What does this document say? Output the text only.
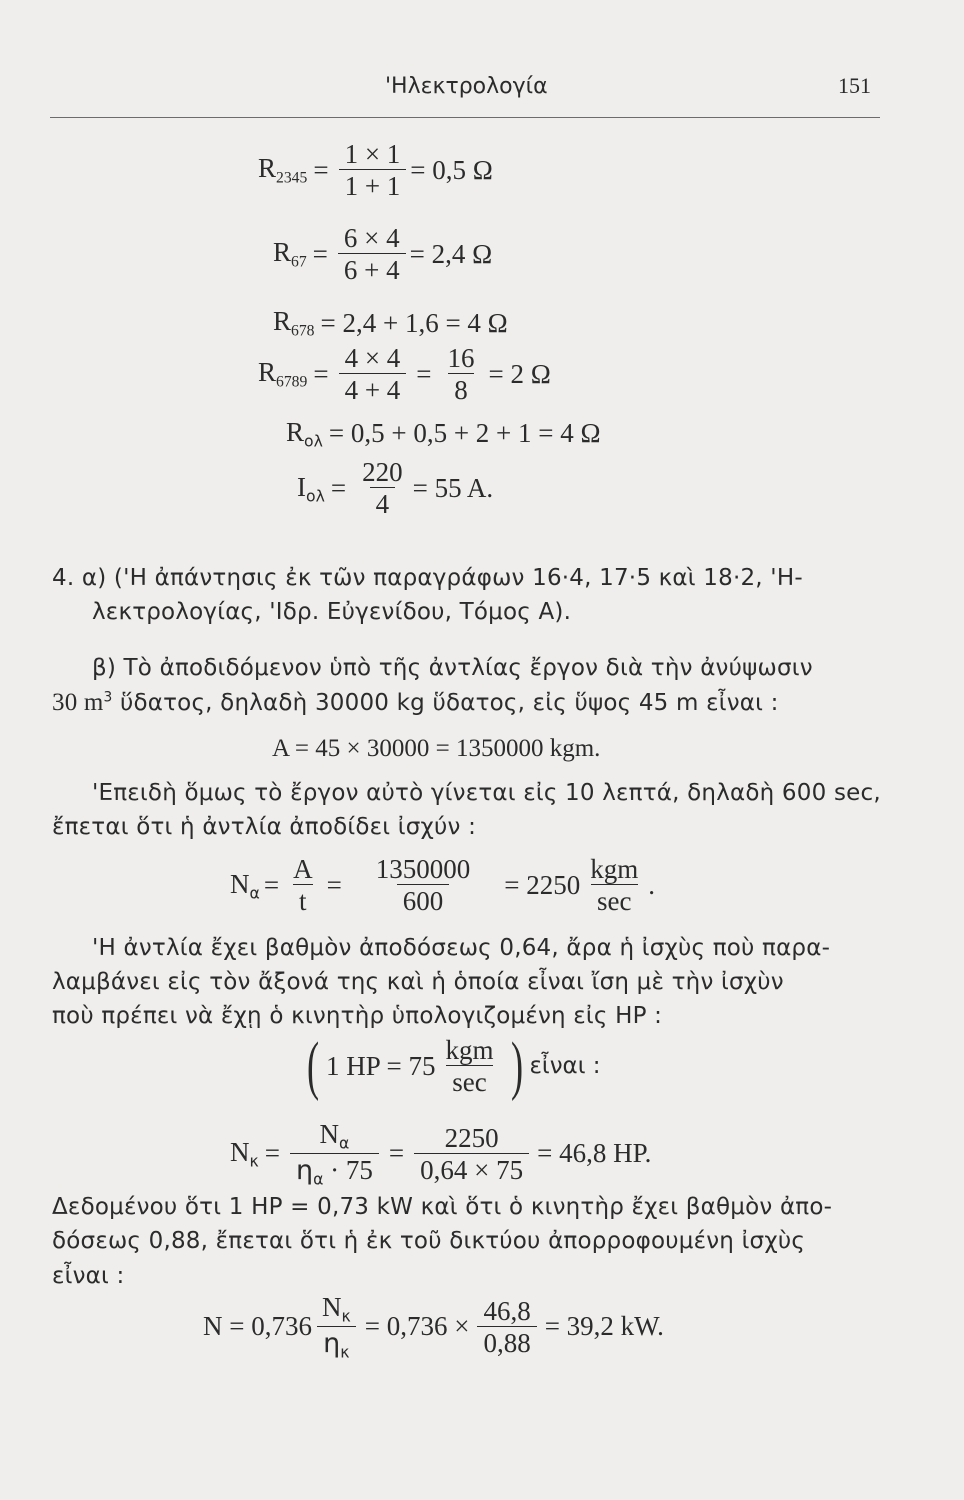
'Ηλεκτρολογία	151
$R_{2345} = \frac{1 \times 1}{1 + 1} = 0,5$ Ω
$R_{67} = \frac{6 \times 4}{6 + 4} = 2,4$ Ω
$R_{678} = 2,4 + 1,6 = 4$ Ω
$R_{6789} = \frac{4 \times 4}{4 + 4} = \frac{16}{8} = 2$ Ω
$R_{o\lambda} = 0,5 + 0,5 + 2 + 1 = 4$ Ω
$I_{o\lambda} = \frac{220}{4} = 55$ A.
4. α) ('Η ἀπάντησις ἐκ τῶν παραγράφων 16·4, 17·5 καὶ 18·2, 'Η-
λεκτρολογίας, 'Ιδρ. Εὐγενίδου, Τόμος Α).
β) Τὸ ἀποδιδόμενον ὑπὸ τῆς ἀντλίας ἔργον διὰ τὴν ἀνύψωσιν
30 $m^3$ ὕδατος, δηλαδὴ 30000 kg ὕδατος, εἰς ὕψος 45 m εἶναι :
A = 45 × 30000 = 1350000 kgm.
'Επειδὴ ὅμως τὸ ἔργον αὐτὸ γίνεται εἰς 10 λεπτά, δηλαδὴ 600 sec,
ἔπεται ὅτι ἡ ἀντλία ἀποδίδει ἰσχύν :
$N_\alpha = \frac{A}{t} = \frac{1350000}{600} = 2250 \frac{\text{kgm}}{\sec}$ .
'Η ἀντλία ἔχει βαθμὸν ἀποδόσεως 0,64, ἄρα ἡ ἰσχὺς ποὺ παρα-
λαμβάνει εἰς τὸν ἄξονά της καὶ ἡ ὁποία εἶναι ἴση μὲ τὴν ἰσχὺν
ποὺ πρέπει νὰ ἔχῃ ὁ κινητὴρ ὑπολογιζομένη εἰς HP :
( 1 HP = $75 \frac{\text{kgm}}{\sec}$ ) εἶναι :
$N_\kappa = \frac{N_\alpha}{\eta_\alpha \cdot 75} = \frac{2250}{0,64 \times 75} = 46,8$ HP.
Δεδομένου ὅτι 1 HP = 0,73 kW καὶ ὅτι ὁ κινητὴρ ἔχει βαθμὸν ἀπο-
δόσεως 0,88, ἔπεται ὅτι ἡ ἐκ τοῦ δικτύου ἀπορροφουμένη ἰσχὺς
εἶναι :
$N = 0,736 \frac{N_\kappa}{\eta_\kappa} = 0,736 \times \frac{46,8}{0,88} = 39,2$ kW.
